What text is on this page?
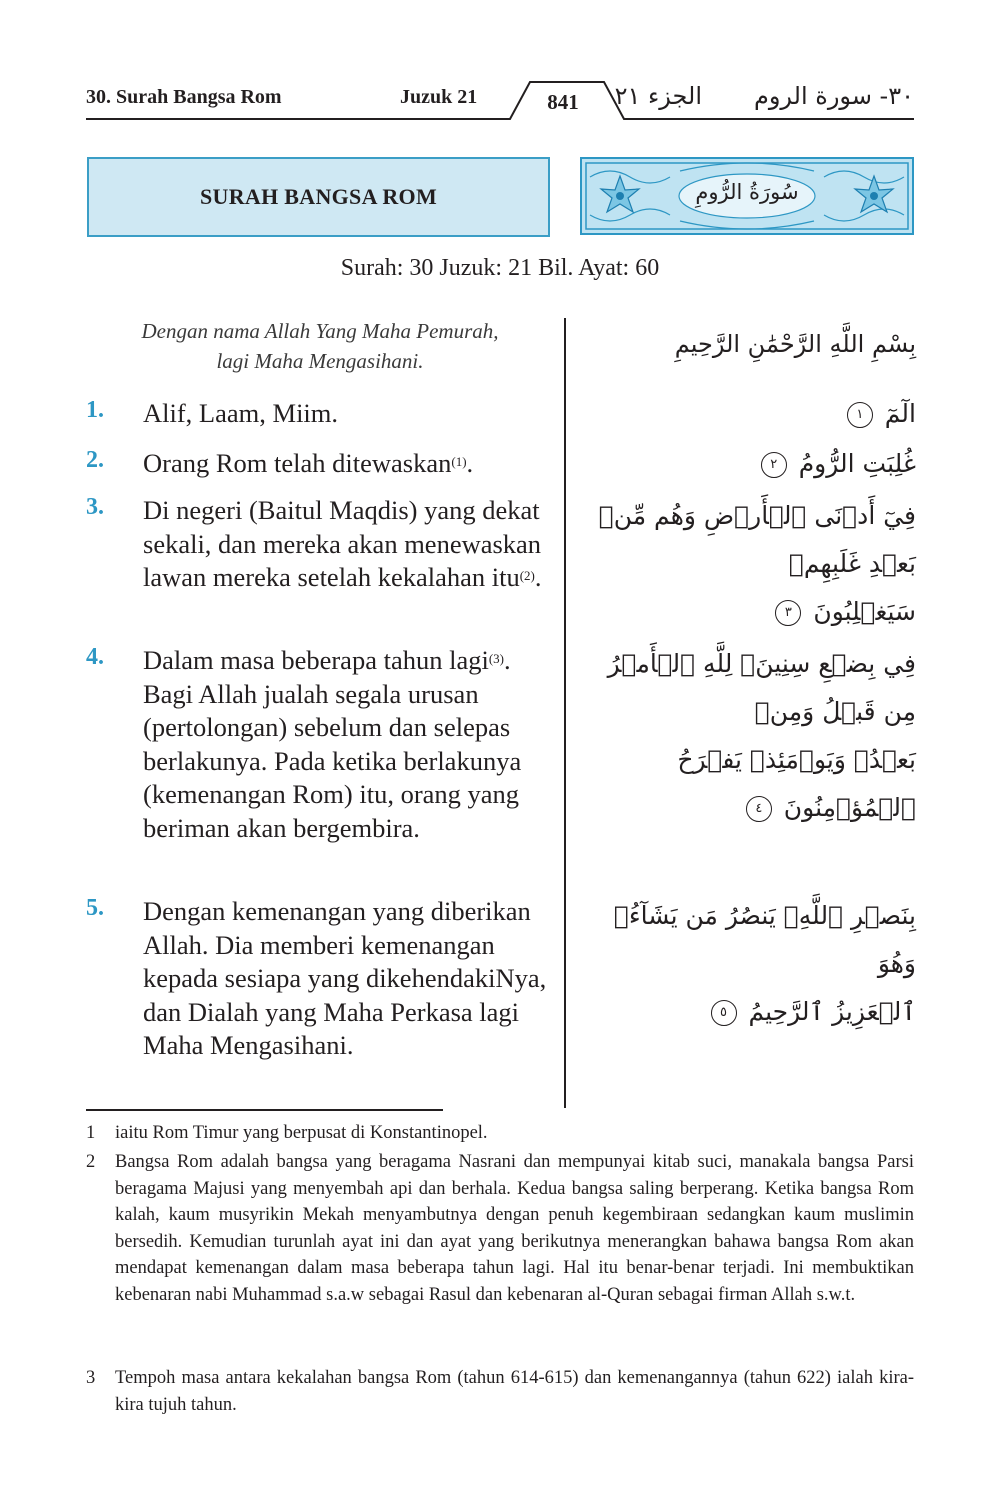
30. Surah Bangsa Rom	Juzuk 21	841	الجزء ٢١ ٣٠- سورة الروم
SURAH BANGSA ROM	سُورَةُ الرُّومِ
Surah: 30 Juzuk: 21 Bil. Ayat: 60
Dengan nama Allah Yang Maha Pemurah,
lagi Maha Mengasihani.
بِسْمِ اللَّهِ الرَّحْمَٰنِ الرَّحِيمِ
1.	Alif, Laam, Miim.	الٓمٓ ١
2.	Orang Rom telah ditewaskan$^{(1)}$.	غُلِبَتِ الرُّومُ ٢
3.	Di negeri (Baitul Maqdis) yang dekat sekali, dan mereka akan menewaskan lawan mereka setelah kekalahan itu$^{(2)}$.
فِيٓ أَدۡنَى ٱلۡأَرۡضِ وَهُم مِّنۢ بَعۡدِ غَلَبِهِمۡ
سَيَغۡلِبُونَ ٣
4.	Dalam masa beberapa tahun lagi$^{(3)}$. Bagi Allah jualah segala urusan (pertolongan) sebelum dan selepas berlakunya. Pada ketika berlakunya (kemenangan Rom) itu, orang yang beriman akan bergembira.
فِي بِضۡعِ سِنِينَۗ لِلَّهِ ٱلۡأَمۡرُ مِن قَبۡلُ وَمِنۢ
بَعۡدُۚ وَيَوۡمَئِذٖ يَفۡرَحُ ٱلۡمُؤۡمِنُونَ ٤
5.	Dengan kemenangan yang diberikan Allah. Dia memberi kemenangan kepada sesiapa yang dikehendakiNya, dan Dialah yang Maha Perkasa lagi Maha Mengasihani.
بِنَصۡرِ ٱللَّهِۚ يَنصُرُ مَن يَشَآءُۖ وَهُوَ
ٱلۡعَزِيزُ ٱلرَّحِيمُ ٥
1	iaitu Rom Timur yang berpusat di Konstantinopel.
2	Bangsa Rom adalah bangsa yang beragama Nasrani dan mempunyai kitab suci, manakala bangsa Parsi beragama Majusi yang menyembah api dan berhala. Kedua bangsa saling berperang. Ketika bangsa Rom kalah, kaum musyrikin Mekah menyambutnya dengan penuh kegembiraan sedangkan kaum muslimin bersedih. Kemudian turunlah ayat ini dan ayat yang berikutnya menerangkan bahawa bangsa Rom akan mendapat kemenangan dalam masa beberapa tahun lagi. Hal itu benar-benar terjadi. Ini membuktikan kebenaran nabi Muhammad s.a.w sebagai Rasul dan kebenaran al-Quran sebagai firman Allah s.w.t.
3	Tempoh masa antara kekalahan bangsa Rom (tahun 614-615) dan kemenangannya (tahun 622) ialah kira-kira tujuh tahun.
